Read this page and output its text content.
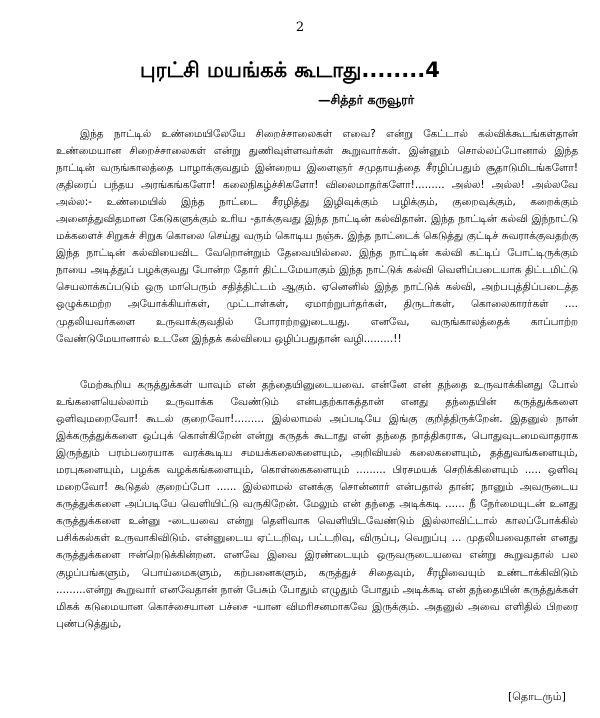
2
புரட்சி மயங்கக் கூடாது........4
—சித்தர் கருவூரர்
இந்த நாட்டில் உண்மையிலேயே சிறைச்சாலைகள் எவை? என்று கேட்டால் கல்விக்கூடங்கள்தான் உண்மையான சிறைச்சாலைகள் என்று துணிவுள்ளவர்கள் கூறுவார்கள். இன்னும் சொல்லப்போனால் இந்த நாட்டின் வருங்காலத்தை பாழாக்குவதும் இன்றைய இளைஞர் சமுதாயத்தை சீரழிப்பதும் சூதாடுமிடங்களோ! குதிரைப் பந்தய அரங்கங்களோ! கலைநிகழ்ச்சிகளோ! விலைமாதர்களோ!......... அல்ல! அல்ல! அல்லவே அல்ல:- உண்மையில் இந்த நாட்டை சீரழித்து இழிவுக்கும் பழிக்கும், குறைவுக்கும், கறைக்கும் அனைத்துவிதமான கேடுகளுக்கும் உரிய -தாக்குவது இந்த நாட்டின் கல்விதான். இந்த நாட்டின் கல்வி இந்நாட்டு மக்களைச் சிறுகச் சிறுக கொலை செய்து வரும் கொடிய நஞ்சு. இந்த நாட்டைக் கெடுத்து குட்டிச் சுவராக்குவதற்கு இந்த நாட்டின் கல்வியைவிட வேறொன்றும் தேவையில்லை. இந்த நாட்டின் கல்வி கட்டிப் போட்டிருக்கும் நாயை அடித்துப் பழக்குவது போன்ற தோர் திட்டமேயாகும் இந்த நாட்டுக் கல்வி வெளிப்படையாக திட்டமிட்டு செயலாக்கப்படும் ஒரு மாபெரும் சதித்திட்டம் ஆகும். ஏனெனில் இந்த நாட்டுக் கல்வி, அற்பபுத்திப்படைத்த ஒழுக்கமற்ற அயோக்கியர்கள், முட்டாள்கள், ஏமாற்றுபர்தர்கள், திருடர்கள், கொலைகாரர்கள் .... முதலியவர்களை உருவாக்குவதில் போராற்றலுடையது. எனவே, வருங்காலத்தைக் காப்பாற்ற வேண்டுமேயானால் உடனே இந்தக் கல்வியை ஒழிப்பதுதான் வழி.........!!
மேற்கூறிய கருத்துக்கள் யாவும் என் தந்தையினுடையவை. என்னே என் தந்தை உருவாக்கினது போல் உங்களையெல்லாம் உருவாக்க வேண்டும் என்பதற்காகத்தான் எனது தந்தையின் கருத்துக்களை ஒளிவுமறைவோ! கூடல் குறைவோ!......... இல்லாமல் அப்படியே இங்கு குறித்திருக்றேன். இதனுல் நான் இக்கருத்துக்களை ஒப்புக் கொள்கிறேன் என்று கருதக் கூடாது என் தந்தை நாத்திகராக, பொதுவுடமைவாதராக இருந்தும் பரம்பரையாக வரக்கூடிய சமயக்கலைகளையும், அறிவியல் கலைகளையும், தத்துவங்களையும், மரபுகளையும், பழக்க வழக்கங்களையும், கொள்கைகளையும் ......... பிரசமயக் செறிக்கிளையும் ..... ஒளிவு மறைவோ! கூடுதல் குறைப்போ ...... இல்லாமல் எனக்கு சொன்னார் என்பதால் தான்; நானும் அவருடைய கருத்துக்களை அப்படியே வெளியிட்டு வருகிறேன். மேலும் என் தந்தை அடிக்கடி ...... நீ நேர்மையுடன் உனது கருத்துக்களை உன்னு -டையவை என்று தெளிவாக வெளியிடவேண்டும் இல்லாவிட்டால் காலப்போக்கில் பசிக்கல்கள் உருவாகிவிடும். என்னுடைய ஏட்டறிவு, பட்டறிவு, விருப்பு, வெறுப்பு ... முதலியவைதான் எனது கருத்துக்களை ஈன்றெடுக்கின்றன. எனவே இவை இரண்டையும் ஒருவருடையவை என்று கூறுவதால் பல குழப்பங்களும், பொய்மைகளும், கற்பனைகளும், கருத்துச் சிதைவும், சீரழிவையும் உண்டாக்கிவிடும் .........என்று கூறுவார் எனவேதான் நான் பேசும் போதும் எழுதும் போதும் அடிக்கடி என் தந்தையின் கருத்துக்கள் மிகக் கடுமையான கொச்சையான பச்சை -யான விமரிசனமாகவே இருக்கும். அதனுல் அவை எளிதில் பிறரை புண்படுத்தும்,
[தொடரும்]
